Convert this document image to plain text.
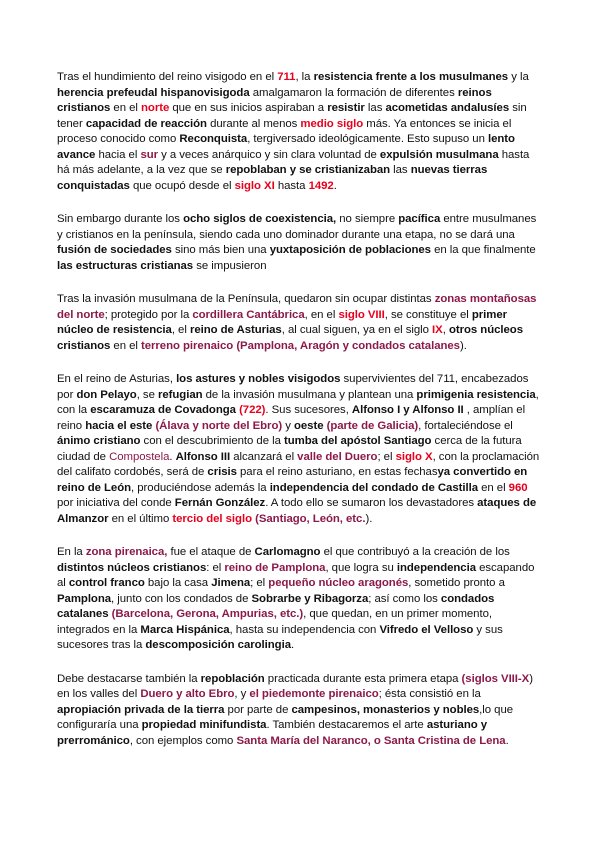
Tras el hundimiento del reino visigodo en el 711, la resistencia frente a los musulmanes y la herencia prefeudal hispanovisigoda amalgamaron la formación de diferentes reinos cristianos en el norte que en sus inicios aspiraban a resistir las acometidas andalusíes sin tener capacidad de reacción durante al menos medio siglo más. Ya entonces se inicia el proceso conocido como Reconquista, tergiversado ideológicamente. Esto supuso un lento avance hacia el sur y a veces anárquico y sin clara voluntad de expulsión musulmana hasta há más adelante, a la vez que se repoblaban y se cristianizaban las nuevas tierras conquistadas que ocupó desde el siglo XI hasta 1492.

Sin embargo durante los ocho siglos de coexistencia, no siempre pacífica entre musulmanes y cristianos en la península, siendo cada uno dominador durante una etapa, no se dará una fusión de sociedades sino más bien una yuxtaposición de poblaciones en la que finalmente las estructuras cristianas se impusieron

Tras la invasión musulmana de la Península, quedaron sin ocupar distintas zonas montañosas del norte; protegido por la cordillera Cantábrica, en el siglo VIII, se constituye el primer núcleo de resistencia, el reino de Asturias, al cual siguen, ya en el siglo IX, otros núcleos cristianos en el terreno pirenaico (Pamplona, Aragón y condados catalanes).

En el reino de Asturias, los astures y nobles visigodos supervivientes del 711, encabezados por don Pelayo, se refugian de la invasión musulmana y plantean una primigenia resistencia, con la escaramuza de Covadonga (722). Sus sucesores, Alfonso I y Alfonso II , amplían el reino hacia el este (Álava y norte del Ebro) y oeste (parte de Galicia), fortaleciéndose el ánimo cristiano con el descubrimiento de la tumba del apóstol Santiago cerca de la futura ciudad de Compostela. Alfonso III alcanzará el valle del Duero; el siglo X, con la proclamación del califato cordobés, será de crisis para el reino asturiano, en estas fechasya convertido en reino de León, produciéndose además la independencia del condado de Castilla en el 960 por iniciativa del conde Fernán González. A todo ello se sumaron los devastadores ataques de Almanzor en el último tercio del siglo (Santiago, León, etc.).

En la zona pirenaica, fue el ataque de Carlomagno el que contribuyó a la creación de los distintos núcleos cristianos: el reino de Pamplona, que logra su independencia escapando al control franco bajo la casa Jimena; el pequeño núcleo aragonés, sometido pronto a Pamplona, junto con los condados de Sobrarbe y Ribagorza; así como los condados catalanes (Barcelona, Gerona, Ampurias, etc.), que quedan, en un primer momento, integrados en la Marca Hispánica, hasta su independencia con Vifredo el Velloso y sus sucesores tras la descomposición carolingia.

Debe destacarse también la repoblación practicada durante esta primera etapa (siglos VIII-X) en los valles del Duero y alto Ebro, y el piedemonte pirenaico; ésta consistió en la apropiación privada de la tierra por parte de campesinos, monasterios y nobles,lo que configuraría una propiedad minifundista. También destacaremos el arte asturiano y prerrománico, con ejemplos como Santa María del Naranco, o Santa Cristina de Lena.
